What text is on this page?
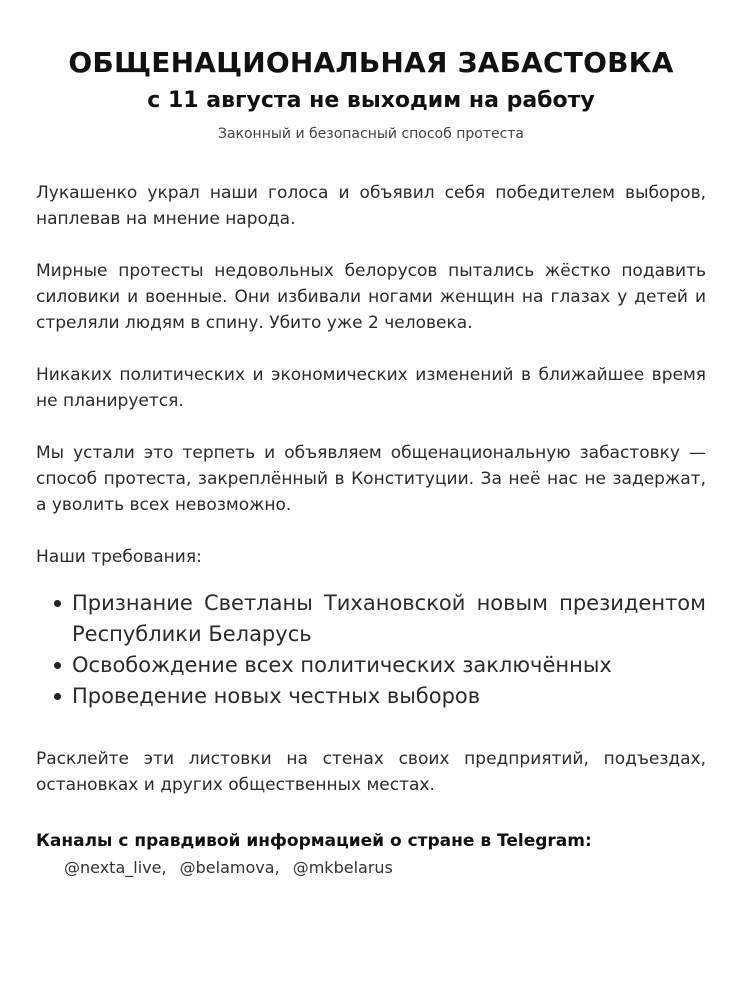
ОБЩЕНАЦИОНАЛЬНАЯ ЗАБАСТОВКА
с 11 августа не выходим на работу

Законный и безопасный способ протеста

Лукашенко украл наши голоса и объявил себя победителем выборов, наплевав на мнение народа.

Мирные протесты недовольных белорусов пытались жёстко подавить силовики и военные. Они избивали ногами женщин на глазах у детей и стреляли людям в спину. Убито уже 2 человека.

Никаких политических и экономических изменений в ближайшее время не планируется.

Мы устали это терпеть и объявляем общенациональную забастовку — способ протеста, закреплённый в Конституции. За неё нас не задержат, а уволить всех невозможно.

Наши требования:

Признание Светланы Тихановской новым президентом Республики Беларусь
Освобождение всех политических заключённых
Проведение новых честных выборов

Расклейте эти листовки на стенах своих предприятий, подъездах, остановках и других общественных местах.

Каналы с правдивой информацией о стране в Telegram:

@nexta_live, @belamova, @mkbelarus
